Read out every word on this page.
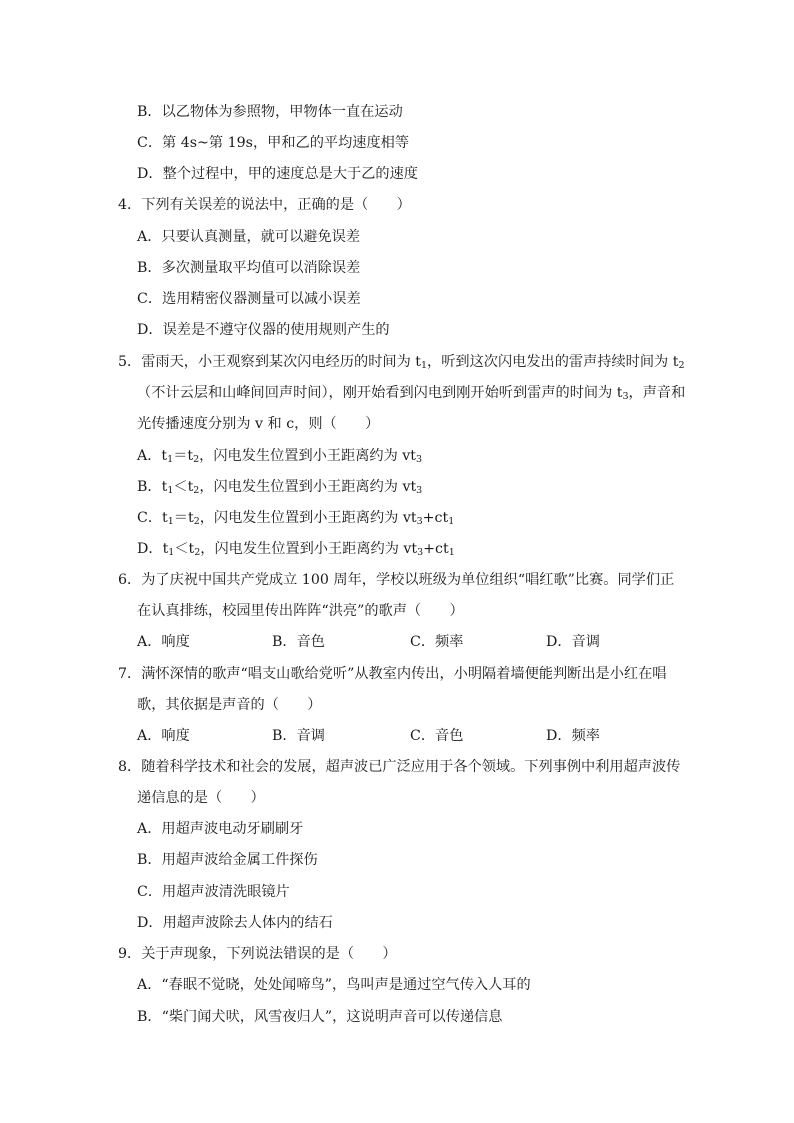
B．以乙物体为参照物，甲物体一直在运动
C．第 4s~第 19s，甲和乙的平均速度相等
D．整个过程中，甲的速度总是大于乙的速度
4．下列有关误差的说法中，正确的是（　　）
A．只要认真测量，就可以避免误差
B．多次测量取平均值可以消除误差
C．选用精密仪器测量可以减小误差
D．误差是不遵守仪器的使用规则产生的
5．雷雨天，小王观察到某次闪电经历的时间为 $t_1$，听到这次闪电发出的雷声持续时间为 $t_2$
（不计云层和山峰间回声时间），刚开始看到闪电到刚开始听到雷声的时间为 $t_3$，声音和
光传播速度分别为 v 和 c，则（　　）
A．$t_1=t_2$，闪电发生位置到小王距离约为 $vt_3$
B．$t_1<t_2$，闪电发生位置到小王距离约为 $vt_3$
C．$t_1=t_2$，闪电发生位置到小王距离约为 $vt_3+ct_1$
D．$t_1<t_2$，闪电发生位置到小王距离约为 $vt_3+ct_1$
6．为了庆祝中国共产党成立 100 周年，学校以班级为单位组织“唱红歌”比赛。同学们正
在认真排练，校园里传出阵阵“洪亮”的歌声（　　）
A．响度	B．音色	C．频率	D．音调
7．满怀深情的歌声“唱支山歌给党听”从教室内传出，小明隔着墙便能判断出是小红在唱
歌，其依据是声音的（　　）
A．响度	B．音调	C．音色	D．频率
8．随着科学技术和社会的发展，超声波已广泛应用于各个领域。下列事例中利用超声波传
递信息的是（　　）
A．用超声波电动牙刷刷牙
B．用超声波给金属工件探伤
C．用超声波清洗眼镜片
D．用超声波除去人体内的结石
9．关于声现象，下列说法错误的是（　　）
A．“春眠不觉晓，处处闻啼鸟”，鸟叫声是通过空气传入人耳的
B．“柴门闻犬吠，风雪夜归人”，这说明声音可以传递信息
